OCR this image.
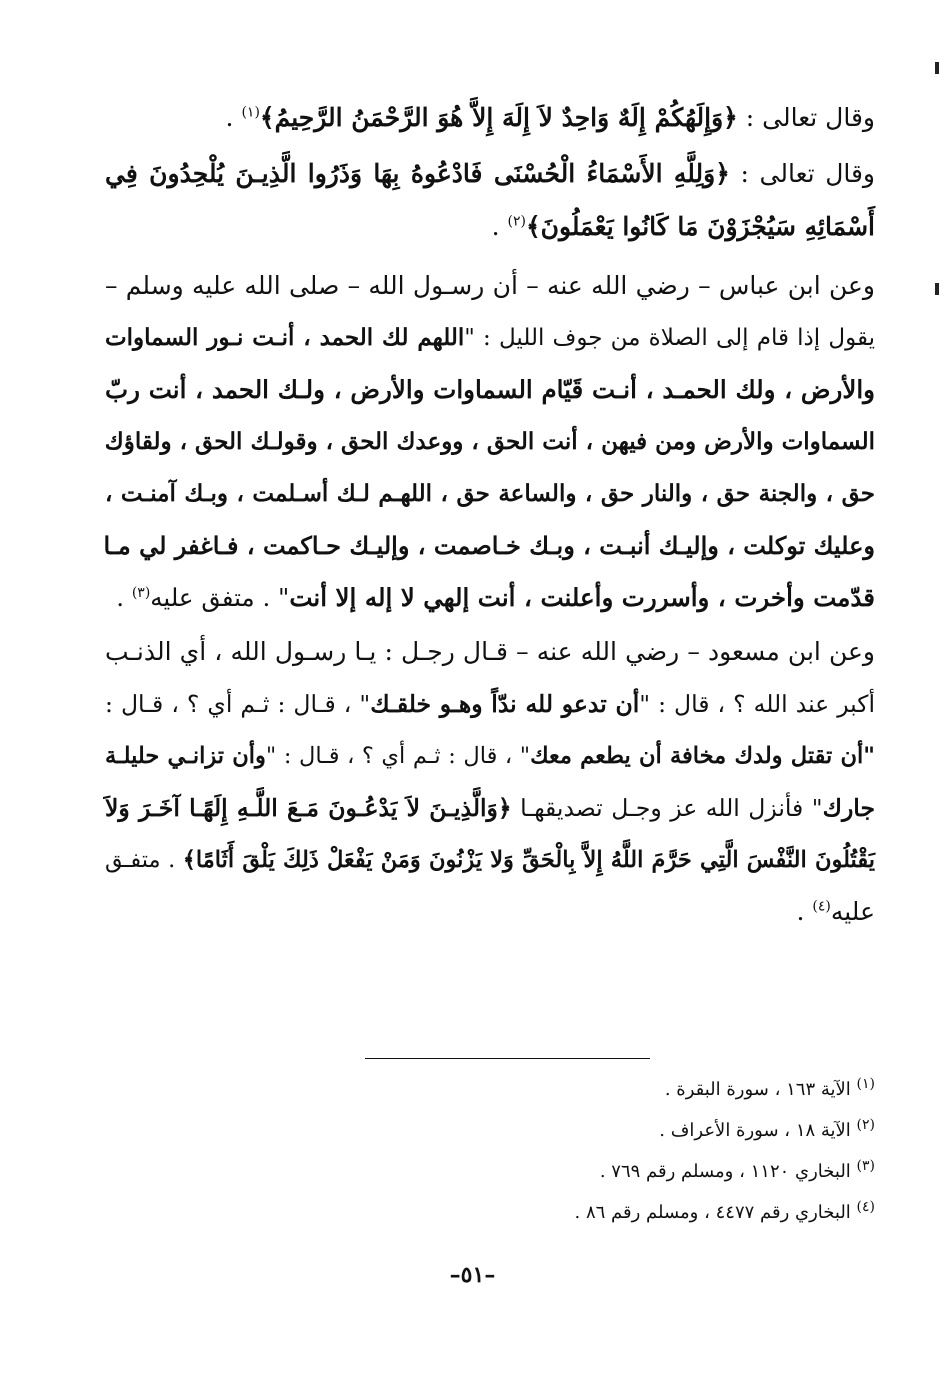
وقال تعالى : ﴿وَإِلَهُكُمْ إِلَهٌ وَاحِدٌ لاَ إِلَهَ إِلاَّ هُوَ الرَّحْمَنُ الرَّحِيمُ﴾$^{(١)}$ .
وقال تعالى : ﴿وَلِلَّهِ الأَسْمَاءُ الْحُسْنَى فَادْعُوهُ بِهَا وَذَرُوا الَّذِيـنَ يُلْحِدُونَ فِي
أَسْمَائِهِ سَيُجْزَوْنَ مَا كَانُوا يَعْمَلُونَ﴾$^{(٢)}$ .
وعن ابن عباس – رضي الله عنه – أن رسـول الله – صلى الله عليه وسلم –
يقول إذا قام إلى الصلاة من جوف الليل : "اللهم لك الحمد ، أنـت نـور السماوات
والأرض ، ولك الحمـد ، أنـت قَيّام السماوات والأرض ، ولـك الحمد ، أنت ربّ
السماوات والأرض ومن فيهن ، أنت الحق ، ووعدك الحق ، وقولـك الحق ، ولقاؤك
حق ، والجنة حق ، والنار حق ، والساعة حق ، اللهـم لـك أسـلمت ، وبـك آمنـت ،
وعليك توكلت ، وإليـك أنبـت ، وبـك خـاصمت ، وإليـك حـاكمت ، فـاغفر لي مـا
قدّمت وأخرت ، وأسررت وأعلنت ، أنت إلهي لا إله إلا أنت" . متفق عليه$^{(٣)}$ .
وعن ابن مسعود – رضي الله عنه – قـال رجـل : يـا رسـول الله ، أي الذنـب
أكبر عند الله ؟ ، قال : "أن تدعو لله ندّاً وهـو خلقـك" ، قـال : ثـم أي ؟ ، قـال :
"أن تقتل ولدك مخافة أن يطعم معك" ، قال : ثـم أي ؟ ، قـال : "وأن تزانـي حليلـة
جارك" فأنزل الله عز وجـل تصديقهـا ﴿وَالَّذِيـنَ لاَ يَدْعُـونَ مَـعَ اللَّـهِ إِلَهًـا آخَـرَ وَلاَ
يَقْتُلُونَ النَّفْسَ الَّتِي حَرَّمَ اللَّهُ إِلاَّ بِالْحَقِّ وَلا يَزْنُونَ وَمَنْ يَفْعَلْ ذَلِكَ يَلْقَ أَثَامًا﴾ . متفـق
عليه$^{(٤)}$ .
$^{(١)}$ الآية ١٦٣ ، سورة البقرة .
$^{(٢)}$ الآية ١٨ ، سورة الأعراف .
$^{(٣)}$ البخاري ١١٢٠ ، ومسلم رقم ٧٦٩ .
$^{(٤)}$ البخاري رقم ٤٤٧٧ ، ومسلم رقم ٨٦ .
–٥١–
